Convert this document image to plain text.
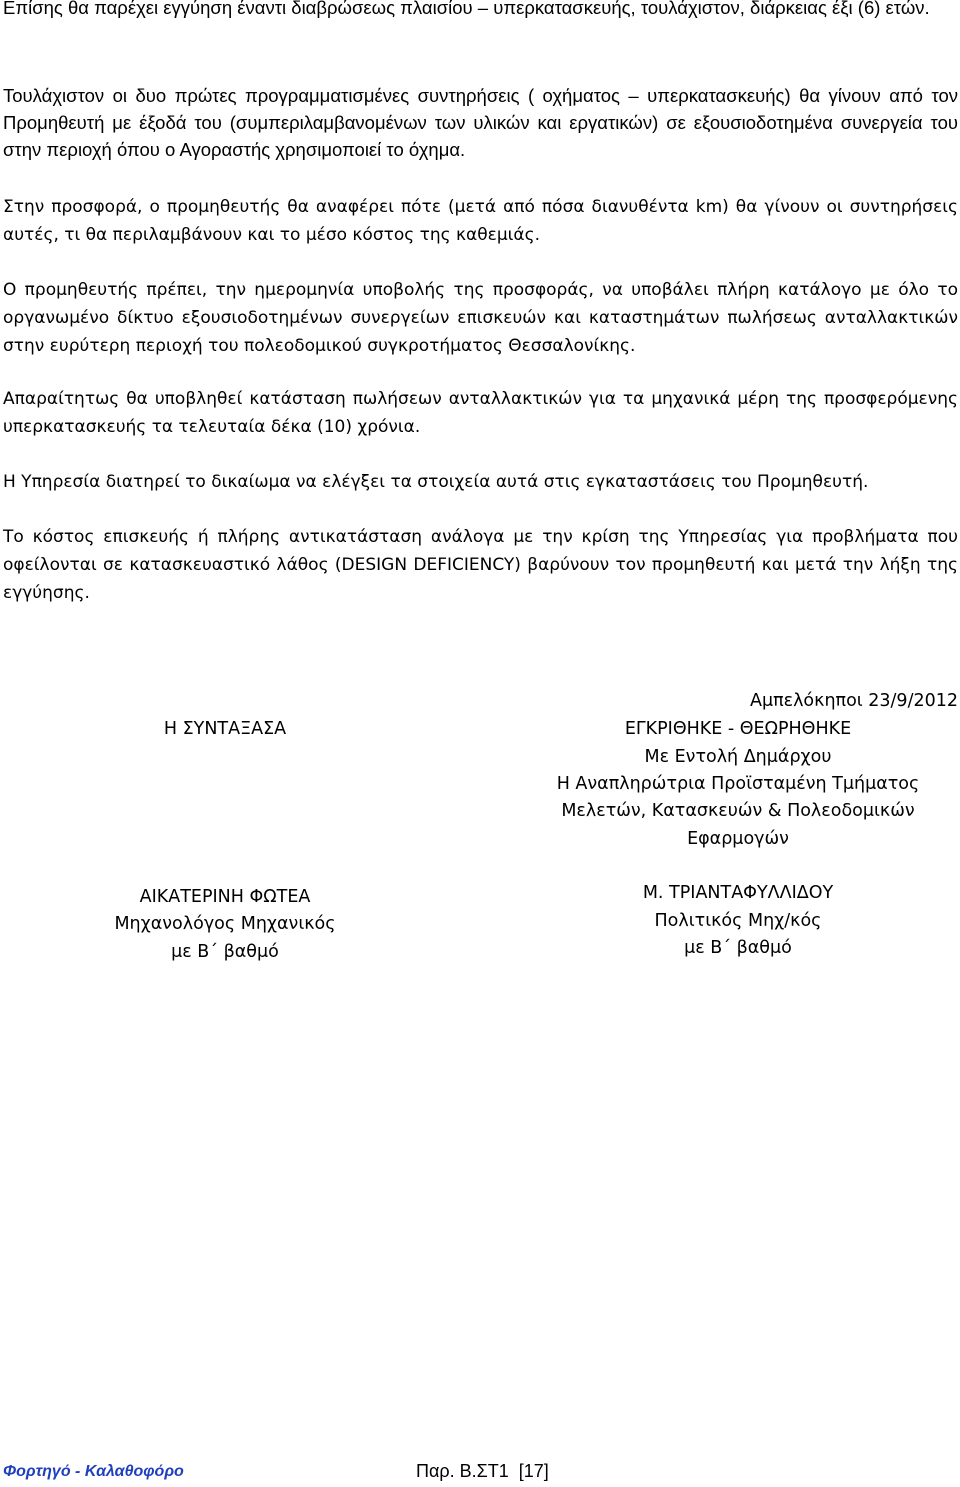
Επίσης θα παρέχει εγγύηση έναντι διαβρώσεως πλαισίου – υπερκατασκευής, τουλάχιστον, διάρκειας έξι (6) ετών.

Τουλάχιστον οι δυο πρώτες προγραμματισμένες συντηρήσεις ( οχήματος – υπερκατασκευής) θα γίνουν από τον Προμηθευτή με έξοδά του (συμπεριλαμβανομένων των υλικών και εργατικών) σε εξουσιοδοτημένα συνεργεία του στην περιοχή όπου ο Αγοραστής χρησιμοποιεί το όχημα.

Στην προσφορά, ο προμηθευτής θα αναφέρει πότε (μετά από πόσα διανυθέντα km) θα γίνουν οι συντηρήσεις αυτές, τι θα περιλαμβάνουν και το μέσο κόστος της καθεμιάς.

Ο προμηθευτής πρέπει, την ημερομηνία υποβολής της προσφοράς, να υποβάλει πλήρη κατάλογο με όλο το οργανωμένο δίκτυο εξουσιοδοτημένων συνεργείων επισκευών και καταστημάτων πωλήσεως ανταλλακτικών στην ευρύτερη περιοχή του πολεοδομικού συγκροτήματος Θεσσαλονίκης.

Απαραίτητως θα υποβληθεί κατάσταση πωλήσεων ανταλλακτικών για τα μηχανικά μέρη της προσφερόμενης υπερκατασκευής τα τελευταία δέκα (10) χρόνια.

Η Υπηρεσία διατηρεί το δικαίωμα να ελέγξει τα στοιχεία αυτά στις εγκαταστάσεις του Προμηθευτή.

Το κόστος επισκευής ή πλήρης αντικατάσταση ανάλογα με την κρίση της Υπηρεσίας για προβλήματα που οφείλονται σε κατασκευαστικό λάθος (DESIGN DEFICIENCY) βαρύνουν τον προμηθευτή και μετά την λήξη της εγγύησης.

Αμπελόκηποι 23/9/2012
Η ΣΥΝΤΑΞΑΣΑ	ΕΓΚΡΙΘΗΚΕ - ΘΕΩΡΗΘΗΚΕ
Με Εντολή Δημάρχου
Η Αναπληρώτρια Προϊσταμένη Τμήματος
Μελετών, Κατασκευών & Πολεοδομικών
Εφαρμογών
ΑΙΚΑΤΕΡΙΝΗ ΦΩΤΕΑ
Μηχανολόγος Μηχανικός
με Β΄ βαθμό
Μ. ΤΡΙΑΝΤΑΦΥΛΛΙΔΟΥ
Πολιτικός Μηχ/κός
με Β΄ βαθμό
Φορτηγό - Καλαθοφόρο	Παρ. Β.ΣΤ1  [17]
